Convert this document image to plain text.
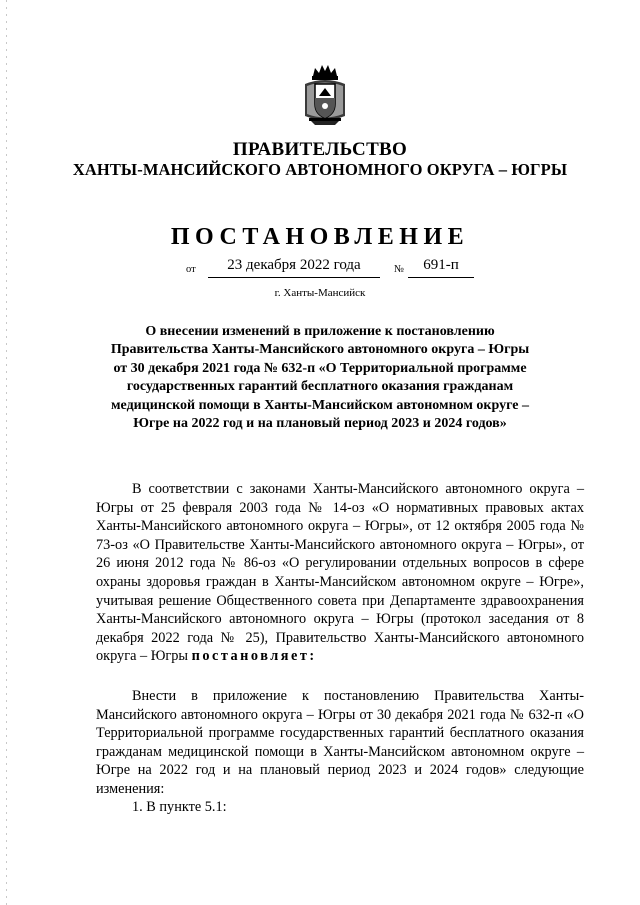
ПРАВИТЕЛЬСТВО
ХАНТЫ-МАНСИЙСКОГО АВТОНОМНОГО ОКРУГА – ЮГРЫ
ПОСТАНОВЛЕНИЕ
от	23 декабря 2022 года	№	691-п
г. Ханты-Мансийск
О внесении изменений в приложение к постановлению Правительства Ханты-Мансийского автономного округа – Югры от 30 декабря 2021 года № 632-п «О Территориальной программе государственных гарантий бесплатного оказания гражданам медицинской помощи в Ханты-Мансийском автономном округе – Югре на 2022 год и на плановый период 2023 и 2024 годов»
В соответствии с законами Ханты-Мансийского автономного округа – Югры от 25 февраля 2003 года № 14-оз «О нормативных правовых актах Ханты-Мансийского автономного округа – Югры», от 12 октября 2005 года № 73-оз «О Правительстве Ханты-Мансийского автономного округа – Югры», от 26 июня 2012 года № 86-оз «О регулировании отдельных вопросов в сфере охраны здоровья граждан в Ханты-Мансийском автономном округе – Югре», учитывая решение Общественного совета при Департаменте здравоохранения Ханты-Мансийского автономного округа – Югры (протокол заседания от 8 декабря 2022 года № 25), Правительство Ханты-Мансийского автономного округа – Югры постановляет:
Внести в приложение к постановлению Правительства Ханты-Мансийского автономного округа – Югры от 30 декабря 2021 года № 632-п «О Территориальной программе государственных гарантий бесплатного оказания гражданам медицинской помощи в Ханты-Мансийском автономном округе – Югре на 2022 год и на плановый период 2023 и 2024 годов» следующие изменения:
1. В пункте 5.1:
